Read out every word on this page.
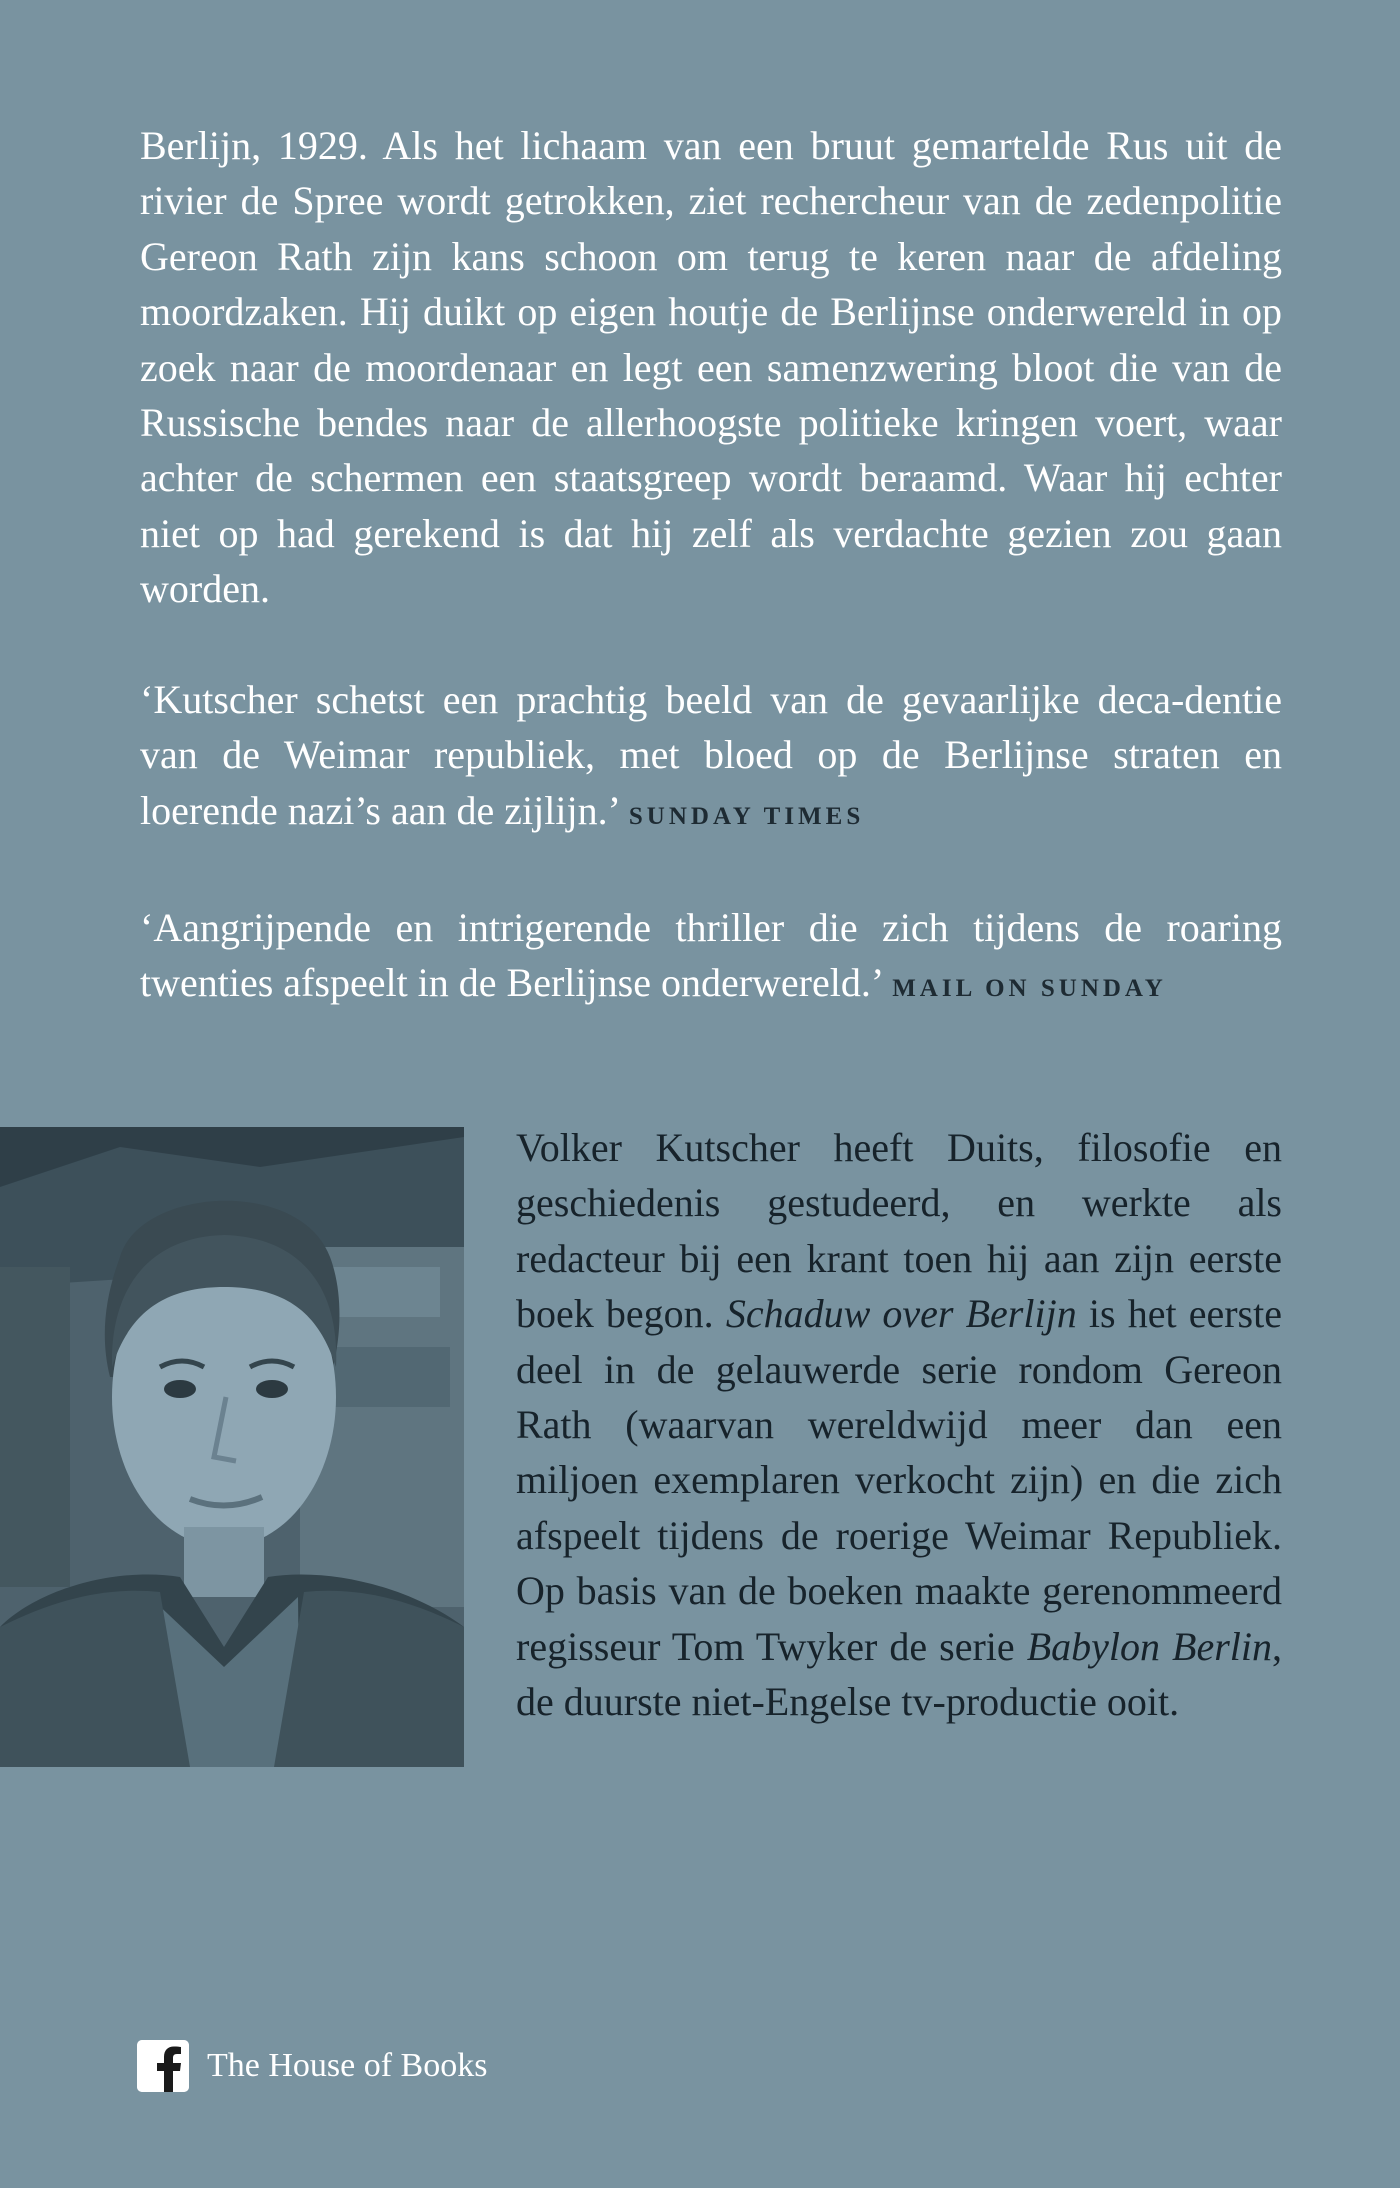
Berlijn, 1929. Als het lichaam van een bruut gemartelde Rus uit de rivier de Spree wordt getrokken, ziet rechercheur van de zedenpolitie Gereon Rath zijn kans schoon om terug te keren naar de afdeling moordzaken. Hij duikt op eigen houtje de Berlijnse onderwereld in op zoek naar de moordenaar en legt een samenzwering bloot die van de Russische bendes naar de allerhoogste politieke kringen voert, waar achter de schermen een staatsgreep wordt beraamd. Waar hij echter niet op had gerekend is dat hij zelf als verdachte gezien zou gaan worden.

‘Kutscher schetst een prachtig beeld van de gevaarlijke deca-dentie van de Weimar republiek, met bloed op de Berlijnse straten en loerende nazi’s aan de zijlijn.’ SUNDAY TIMES

‘Aangrijpende en intrigerende thriller die zich tijdens de roaring twenties afspeelt in de Berlijnse onderwereld.’ MAIL ON SUNDAY

Volker Kutscher heeft Duits, filosofie en geschiedenis gestudeerd, en werkte als redacteur bij een krant toen hij aan zijn eerste boek begon. Schaduw over Berlijn is het eerste deel in de gelauwerde serie rondom Gereon Rath (waarvan wereldwijd meer dan een miljoen exemplaren verkocht zijn) en die zich afspeelt tijdens de roerige Weimar Republiek. Op basis van de boeken maakte gerenommeerd regisseur Tom Twyker de serie Babylon Berlin, de duurste niet-Engelse tv-productie ooit.

The House of Books
